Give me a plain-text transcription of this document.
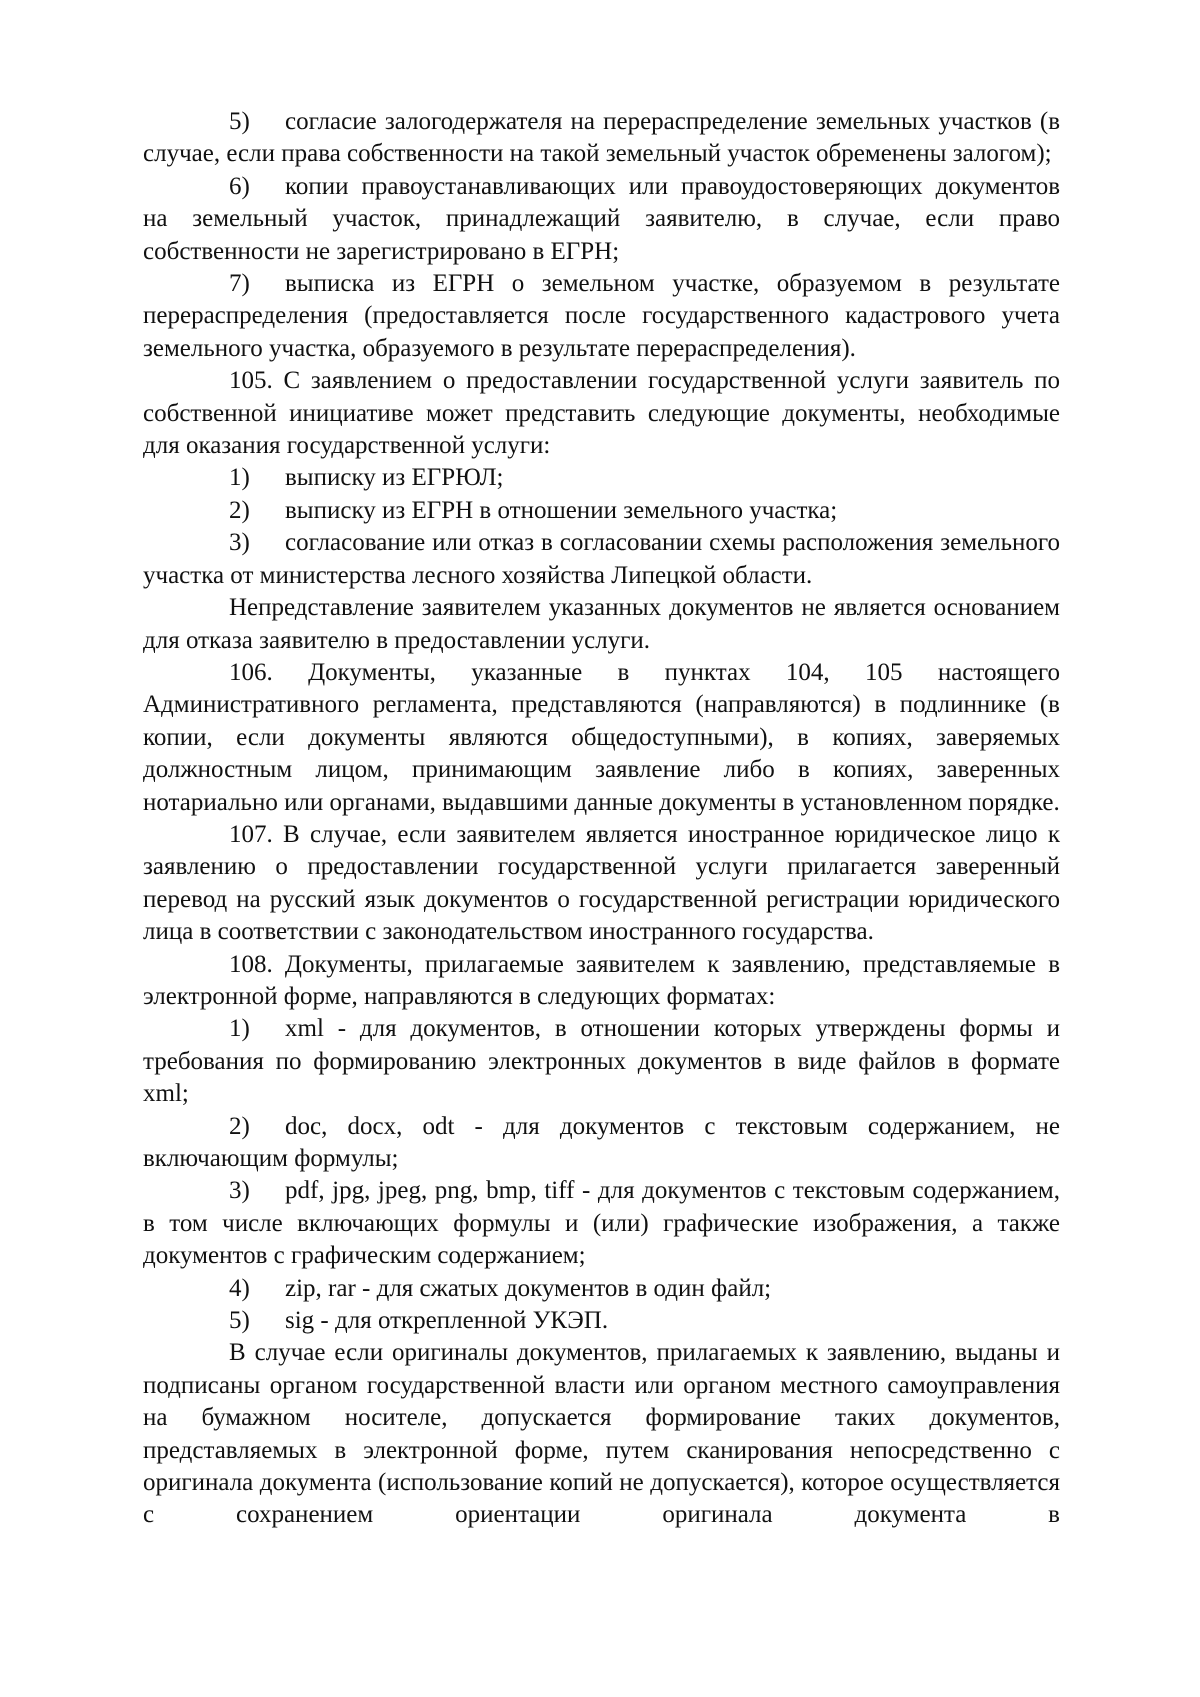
5) согласие залогодержателя на перераспределение земельных участков (в случае, если права собственности на такой земельный участок обременены залогом);

6) копии правоустанавливающих или правоудостоверяющих документов на земельный участок, принадлежащий заявителю, в случае, если право собственности не зарегистрировано в ЕГРН;

7) выписка из ЕГРН о земельном участке, образуемом в результате перераспределения (предоставляется после государственного кадастрового учета земельного участка, образуемого в результате перераспределения).

105. С заявлением о предоставлении государственной услуги заявитель по собственной инициативе может представить следующие документы, необходимые для оказания государственной услуги:

1) выписку из ЕГРЮЛ;

2) выписку из ЕГРН в отношении земельного участка;

3) согласование или отказ в согласовании схемы расположения земельного участка от министерства лесного хозяйства Липецкой области.

Непредставление заявителем указанных документов не является основанием для отказа заявителю в предоставлении услуги.

106. Документы, указанные в пунктах 104, 105 настоящего Административного регламента, представляются (направляются) в подлиннике (в копии, если документы являются общедоступными), в копиях, заверяемых должностным лицом, принимающим заявление либо в копиях, заверенных нотариально или органами, выдавшими данные документы в установленном порядке.

107. В случае, если заявителем является иностранное юридическое лицо к заявлению о предоставлении государственной услуги прилагается заверенный перевод на русский язык документов о государственной регистрации юридического лица в соответствии с законодательством иностранного государства.

108. Документы, прилагаемые заявителем к заявлению, представляемые в электронной форме, направляются в следующих форматах:

1) xml - для документов, в отношении которых утверждены формы и требования по формированию электронных документов в виде файлов в формате xml;

2) doc, docx, odt - для документов с текстовым содержанием, не включающим формулы;

3) pdf, jpg, jpeg, png, bmp, tiff - для документов с текстовым содержанием, в том числе включающих формулы и (или) графические изображения, а также документов с графическим содержанием;

4) zip, rar - для сжатых документов в один файл;

5) sig - для открепленной УКЭП.

В случае если оригиналы документов, прилагаемых к заявлению, выданы и подписаны органом государственной власти или органом местного самоуправления на бумажном носителе, допускается формирование таких документов, представляемых в электронной форме, путем сканирования непосредственно с оригинала документа (использование копий не допускается), которое осуществляется с сохранением ориентации оригинала документа в
